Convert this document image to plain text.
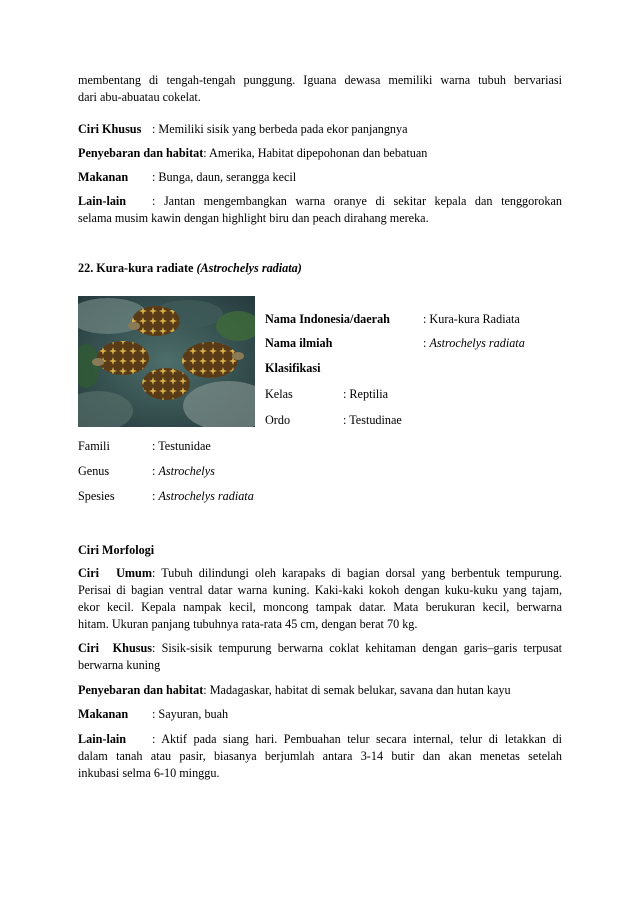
membentang di tengah-tengah punggung. Iguana dewasa memiliki warna tubuh bervariasi
dari abu-abuatau cokelat.
Ciri Khusus : Memiliki sisik yang berbeda pada ekor panjangnya
Penyebaran dan habitat: Amerika, Habitat dipepohonan dan bebatuan
Makanan : Bunga, daun, serangga kecil
Lain-lain : Jantan mengembangkan warna oranye di sekitar kepala dan tenggorokan
selama musim kawin dengan highlight biru dan peach dirahang mereka.
22. Kura-kura radiate (Astrochelys radiata)
Nama Indonesia/daerah	: Kura-kura Radiata
Nama ilmiah	: Astrochelys radiata
Klasifikasi
Kelas	: Reptilia
Ordo	: Testudinae
Famili	: Testunidae
Genus	: Astrochelys
Spesies	: Astrochelys radiata
Ciri Morfologi
Ciri Umum: Tubuh dilindungi oleh karapaks di bagian dorsal yang berbentuk tempurung.
Perisai di bagian ventral datar warna kuning. Kaki-kaki kokoh dengan kuku-kuku yang tajam,
ekor kecil. Kepala nampak kecil, moncong tampak datar. Mata berukuran kecil, berwarna
hitam. Ukuran panjang tubuhnya rata-rata 45 cm, dengan berat 70 kg.
Ciri Khusus: Sisik-sisik tempurung berwarna coklat kehitaman dengan garis–garis terpusat
berwarna kuning
Penyebaran dan habitat: Madagaskar, habitat di semak belukar, savana dan hutan kayu
Makanan : Sayuran, buah
Lain-lain : Aktif pada siang hari. Pembuahan telur secara internal, telur di letakkan di
dalam tanah atau pasir, biasanya berjumlah antara 3-14 butir dan akan menetas setelah
inkubasi selma 6-10 minggu.
